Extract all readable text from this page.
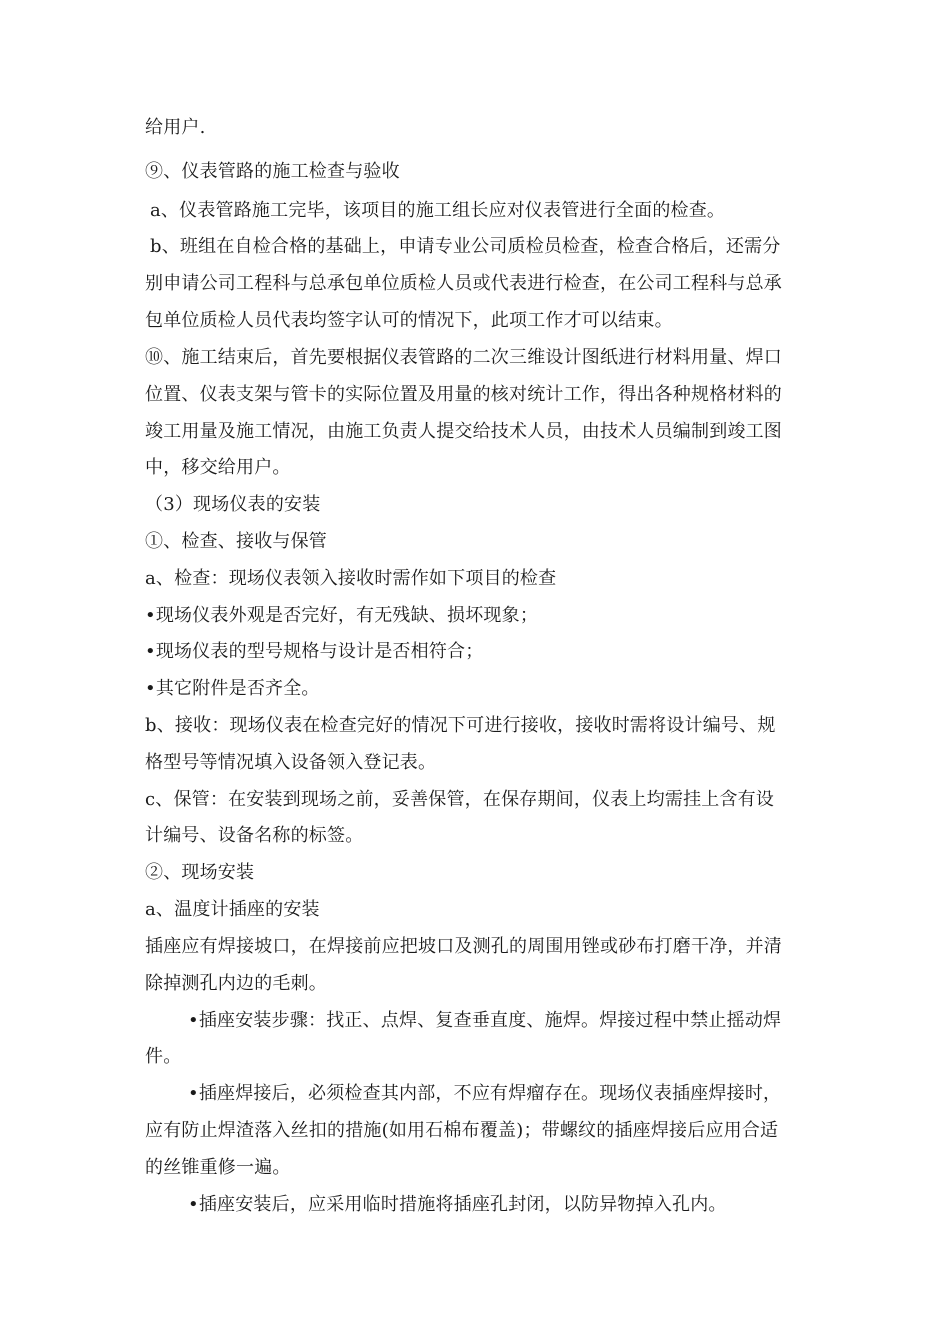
给用户.
⑨、仪表管路的施工检查与验收
a、仪表管路施工完毕，该项目的施工组长应对仪表管进行全面的检查。
b、班组在自检合格的基础上，申请专业公司质检员检查，检查合格后，还需分
别申请公司工程科与总承包单位质检人员或代表进行检查，在公司工程科与总承
包单位质检人员代表均签字认可的情况下，此项工作才可以结束。
⑩、施工结束后，首先要根据仪表管路的二次三维设计图纸进行材料用量、焊口
位置、仪表支架与管卡的实际位置及用量的核对统计工作，得出各种规格材料的
竣工用量及施工情况，由施工负责人提交给技术人员，由技术人员编制到竣工图
中，移交给用户。
（3）现场仪表的安装
①、检查、接收与保管
a、检查：现场仪表领入接收时需作如下项目的检查
•现场仪表外观是否完好，有无残缺、损坏现象；
•现场仪表的型号规格与设计是否相符合；
•其它附件是否齐全。
b、接收：现场仪表在检查完好的情况下可进行接收，接收时需将设计编号、规
格型号等情况填入设备领入登记表。
c、保管：在安装到现场之前，妥善保管，在保存期间，仪表上均需挂上含有设
计编号、设备名称的标签。
②、现场安装
a、温度计插座的安装
插座应有焊接坡口，在焊接前应把坡口及测孔的周围用锉或砂布打磨干净，并清
除掉测孔内边的毛刺。
•插座安装步骤：找正、点焊、复查垂直度、施焊。焊接过程中禁止摇动焊
件。
•插座焊接后，必须检查其内部，不应有焊瘤存在。现场仪表插座焊接时，
应有防止焊渣落入丝扣的措施(如用石棉布覆盖)；带螺纹的插座焊接后应用合适
的丝锥重修一遍。
•插座安装后，应采用临时措施将插座孔封闭，以防异物掉入孔内。
